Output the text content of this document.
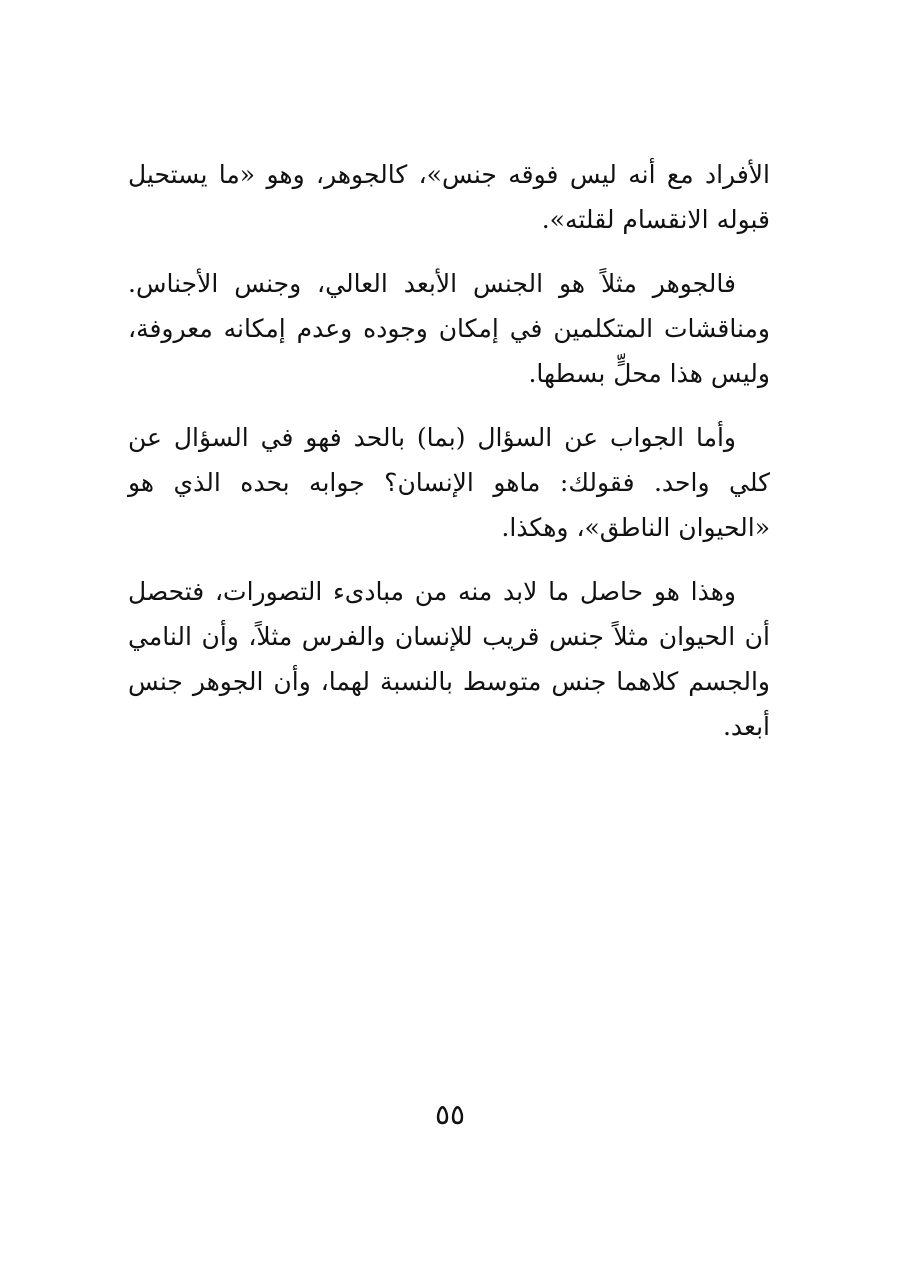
الأفراد مع أنه ليس فوقه جنس»، كالجوهر، وهو «ما يستحيل قبوله الانقسام لقلته».

فالجوهر مثلاً هو الجنس الأبعد العالي، وجنس الأجناس. ومناقشات المتكلمين في إمكان وجوده وعدم إمكانه معروفة، وليس هذا محلٍّ بسطها.

وأما الجواب عن السؤال (بما) بالحد فهو في السؤال عن كلي واحد. فقولك: ماهو الإنسان؟ جوابه بحده الذي هو «الحيوان الناطق»، وهكذا.

وهذا هو حاصل ما لابد منه من مبادىء التصورات، فتحصل أن الحيوان مثلاً جنس قريب للإنسان والفرس مثلاً، وأن النامي والجسم كلاهما جنس متوسط بالنسبة لهما، وأن الجوهر جنس أبعد.

٥٥
